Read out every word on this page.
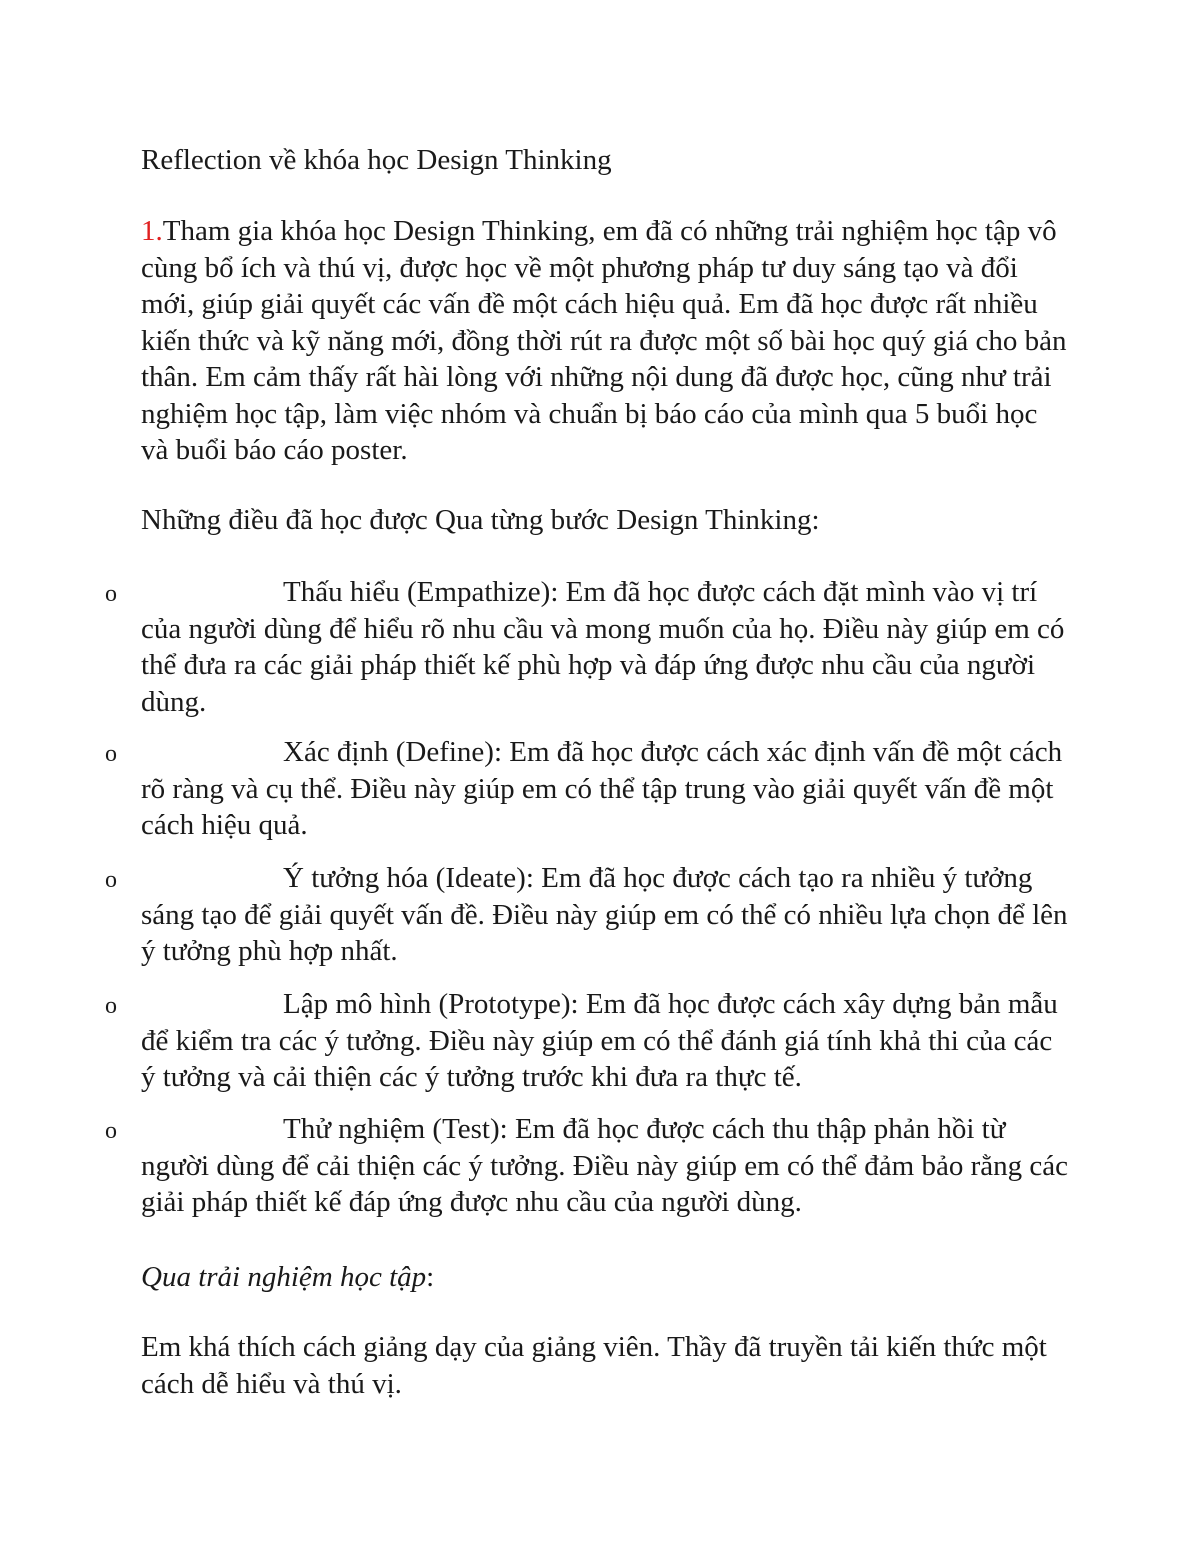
Reflection về khóa học Design Thinking

1.Tham gia khóa học Design Thinking, em đã có những trải nghiệm học tập vô cùng bổ ích và thú vị, được học về một phương pháp tư duy sáng tạo và đổi mới, giúp giải quyết các vấn đề một cách hiệu quả. Em đã học được rất nhiều kiến thức và kỹ năng mới, đồng thời rút ra được một số bài học quý giá cho bản thân. Em cảm thấy rất hài lòng với những nội dung đã được học, cũng như trải nghiệm học tập, làm việc nhóm và chuẩn bị báo cáo của mình qua 5 buổi học và buổi báo cáo poster.

Những điều đã học được Qua từng bước Design Thinking:

o	Thấu hiểu (Empathize): Em đã học được cách đặt mình vào vị trí của người dùng để hiểu rõ nhu cầu và mong muốn của họ. Điều này giúp em có thể đưa ra các giải pháp thiết kế phù hợp và đáp ứng được nhu cầu của người dùng.

o	Xác định (Define): Em đã học được cách xác định vấn đề một cách rõ ràng và cụ thể. Điều này giúp em có thể tập trung vào giải quyết vấn đề một cách hiệu quả.

o	Ý tưởng hóa (Ideate): Em đã học được cách tạo ra nhiều ý tưởng sáng tạo để giải quyết vấn đề. Điều này giúp em có thể có nhiều lựa chọn để lên ý tưởng phù hợp nhất.

o	Lập mô hình (Prototype): Em đã học được cách xây dựng bản mẫu để kiểm tra các ý tưởng. Điều này giúp em có thể đánh giá tính khả thi của các ý tưởng và cải thiện các ý tưởng trước khi đưa ra thực tế.

o	Thử nghiệm (Test): Em đã học được cách thu thập phản hồi từ người dùng để cải thiện các ý tưởng. Điều này giúp em có thể đảm bảo rằng các giải pháp thiết kế đáp ứng được nhu cầu của người dùng.

Qua trải nghiệm học tập:

Em khá thích cách giảng dạy của giảng viên. Thầy đã truyền tải kiến thức một cách dễ hiểu và thú vị.
